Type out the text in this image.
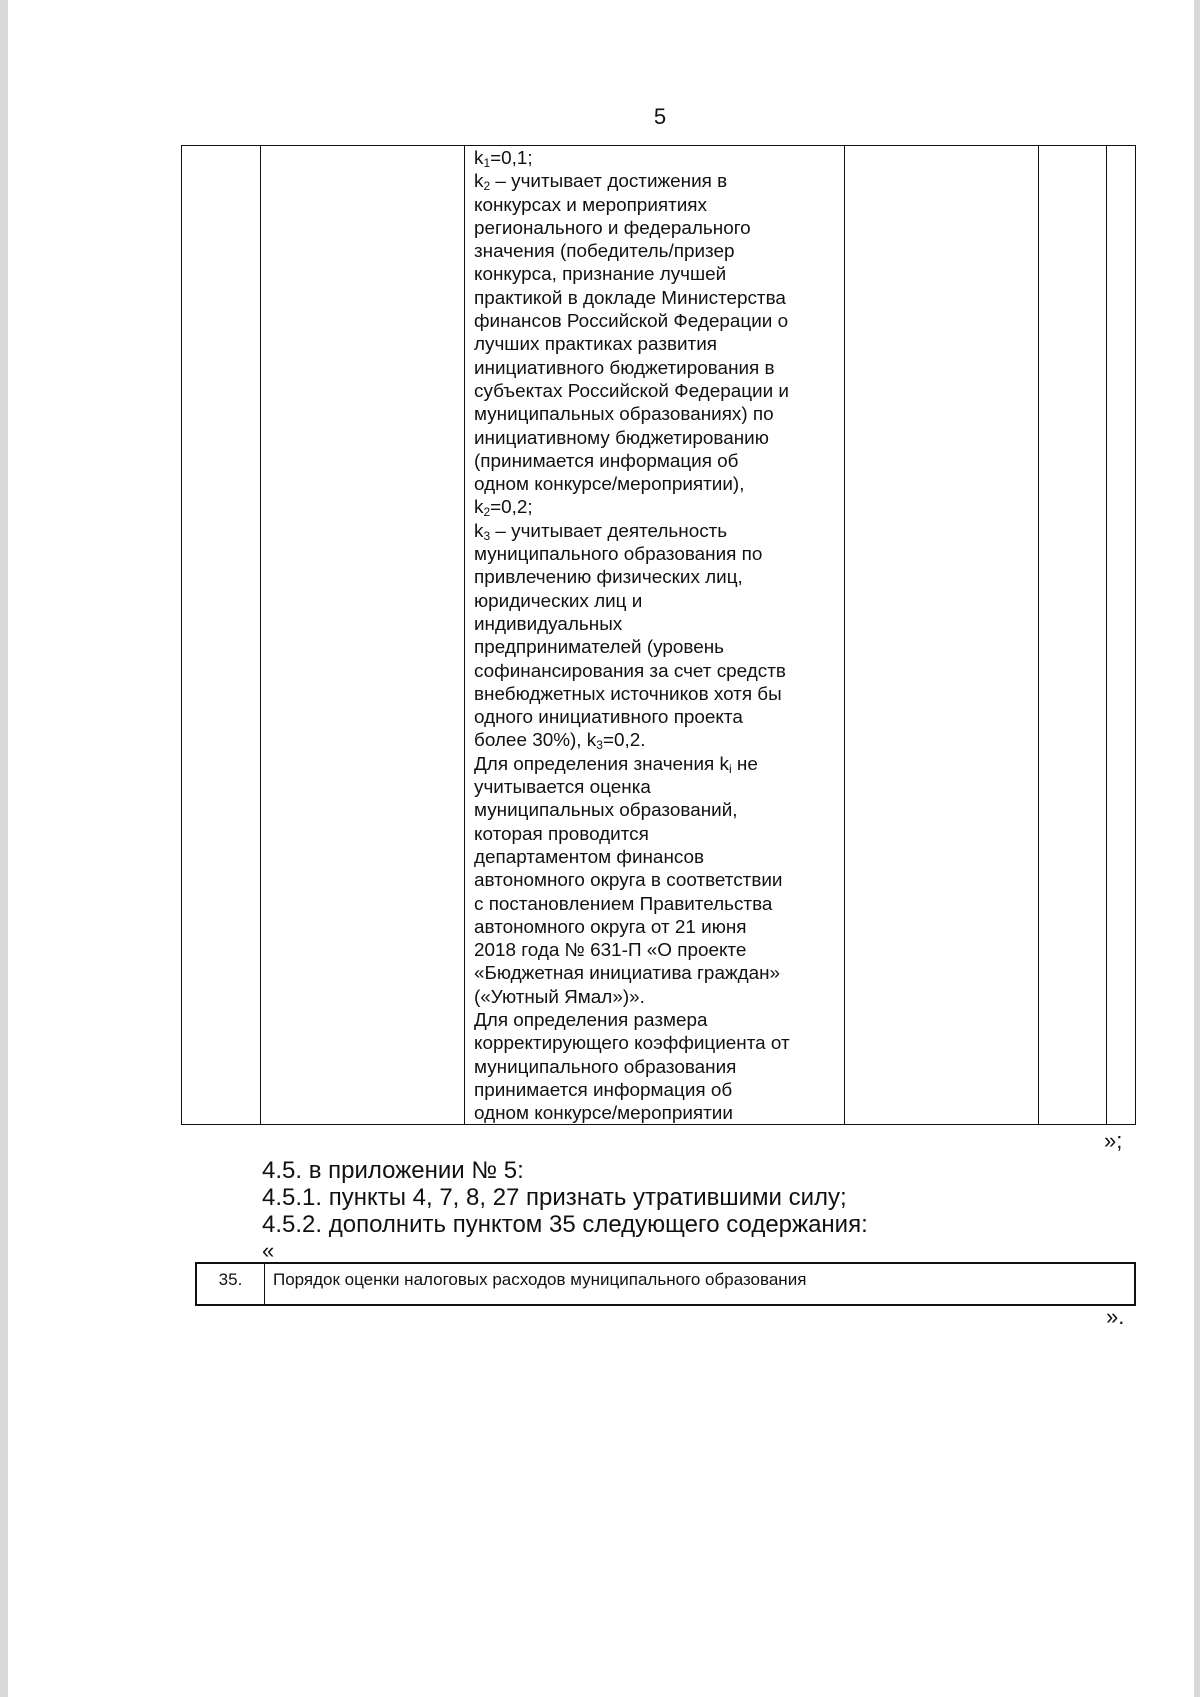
5
$k_1=0,1$;
$k_2$ – учитывает достижения в
конкурсах и мероприятиях
регионального и федерального
значения (победитель/призер
конкурса, признание лучшей
практикой в докладе Министерства
финансов Российской Федерации о
лучших практиках развития
инициативного бюджетирования в
субъектах Российской Федерации и
муниципальных образованиях) по
инициативному бюджетированию
(принимается информация об
одном конкурсе/мероприятии),
$k_2=0,2$;
$k_3$ – учитывает деятельность
муниципального образования по
привлечению физических лиц,
юридических лиц и
индивидуальных
предпринимателей (уровень
софинансирования за счет средств
внебюджетных источников хотя бы
одного инициативного проекта
более 30%), $k_3=0,2$.
Для определения значения $k_i$ не
учитывается оценка
муниципальных образований,
которая проводится
департаментом финансов
автономного округа в соответствии
с постановлением Правительства
автономного округа от 21 июня
2018 года № 631-П «О проекте
«Бюджетная инициатива граждан»
(«Уютный Ямал»)».
Для определения размера
корректирующего коэффициента от
муниципального образования
принимается информация об
одном конкурсе/мероприятии
»;
4.5. в приложении № 5:
4.5.1. пункты 4, 7, 8, 27 признать утратившими силу;
4.5.2. дополнить пунктом 35 следующего содержания:
«
35.	Порядок оценки налоговых расходов муниципального образования
».
